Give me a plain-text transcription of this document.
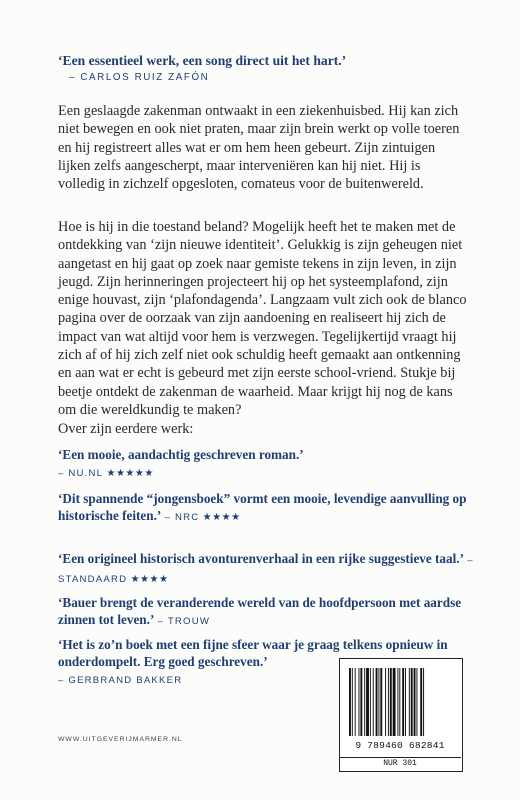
‘Een essentieel werk, een song direct uit het hart.’
– CARLOS RUIZ ZAFÓN
Een geslaagde zakenman ontwaakt in een ziekenhuisbed. Hij kan zich niet bewegen en ook niet praten, maar zijn brein werkt op volle toeren en hij registreert alles wat er om hem heen gebeurt. Zijn zintuigen lijken zelfs aangescherpt, maar interveniëren kan hij niet. Hij is volledig in zichzelf opgesloten, comateus voor de buitenwereld.
Hoe is hij in die toestand beland? Mogelijk heeft het te maken met de ontdekking van ‘zijn nieuwe identiteit’. Gelukkig is zijn geheugen niet aangetast en hij gaat op zoek naar gemiste tekens in zijn leven, in zijn jeugd. Zijn herinneringen projecteert hij op het systeemplafond, zijn enige houvast, zijn ‘plafondagenda’. Langzaam vult zich ook de blanco pagina over de oorzaak van zijn aandoening en realiseert hij zich de impact van wat altijd voor hem is verzwegen. Tegelijkertijd vraagt hij zich af of hij zich zelf niet ook schuldig heeft gemaakt aan ontkenning en aan wat er echt is gebeurd met zijn eerste school-vriend. Stukje bij beetje ontdekt de zakenman de waarheid. Maar krijgt hij nog de kans om die wereldkundig te maken?
Over zijn eerdere werk:
‘Een mooie, aandachtig geschreven roman.’
– NU.NL ★★★★★
‘Dit spannende “jongensboek” vormt een mooie, levendige aanvulling op historische feiten.’ – NRC ★★★★
‘Een origineel historisch avonturenverhaal in een rijke suggestieve taal.’ – STANDAARD ★★★★
‘Bauer brengt de veranderende wereld van de hoofdpersoon met aardse zinnen tot leven.’ – TROUW
‘Het is zo’n boek met een fijne sfeer waar je graag telkens opnieuw in onderdompelt. Erg goed geschreven.’
– GERBRAND BAKKER
WWW.UITGEVERIJMARMER.NL
9 789460 682841
NUR 301
